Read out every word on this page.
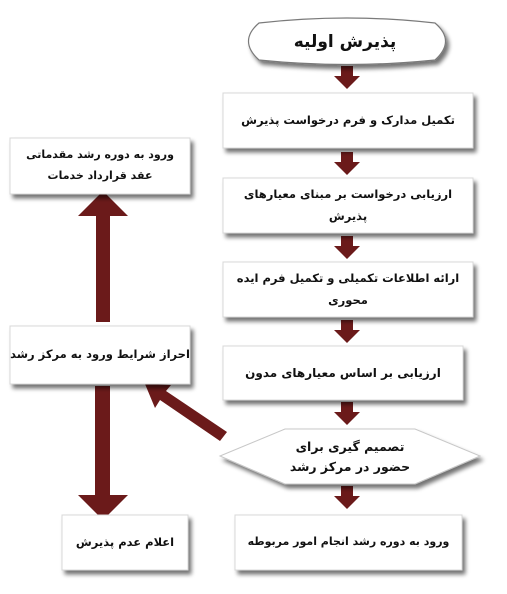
پذیرش اولیه
تکمیل مدارک و فرم درخواست پذیرش
ارزیابی درخواست بر مبنای معیارهای پذیرش
ارائه اطلاعات تکمیلی و تکمیل فرم ایده محوری
ارزیابی بر اساس معیارهای مدون
تصمیم گیری برای
حضور در مرکز رشد
ورود به دوره رشد انجام امور مربوطه
احراز شرایط ورود به مرکز رشد
ورود به دوره رشد مقدماتی
عقد قرارداد خدمات
اعلام عدم پذیرش
